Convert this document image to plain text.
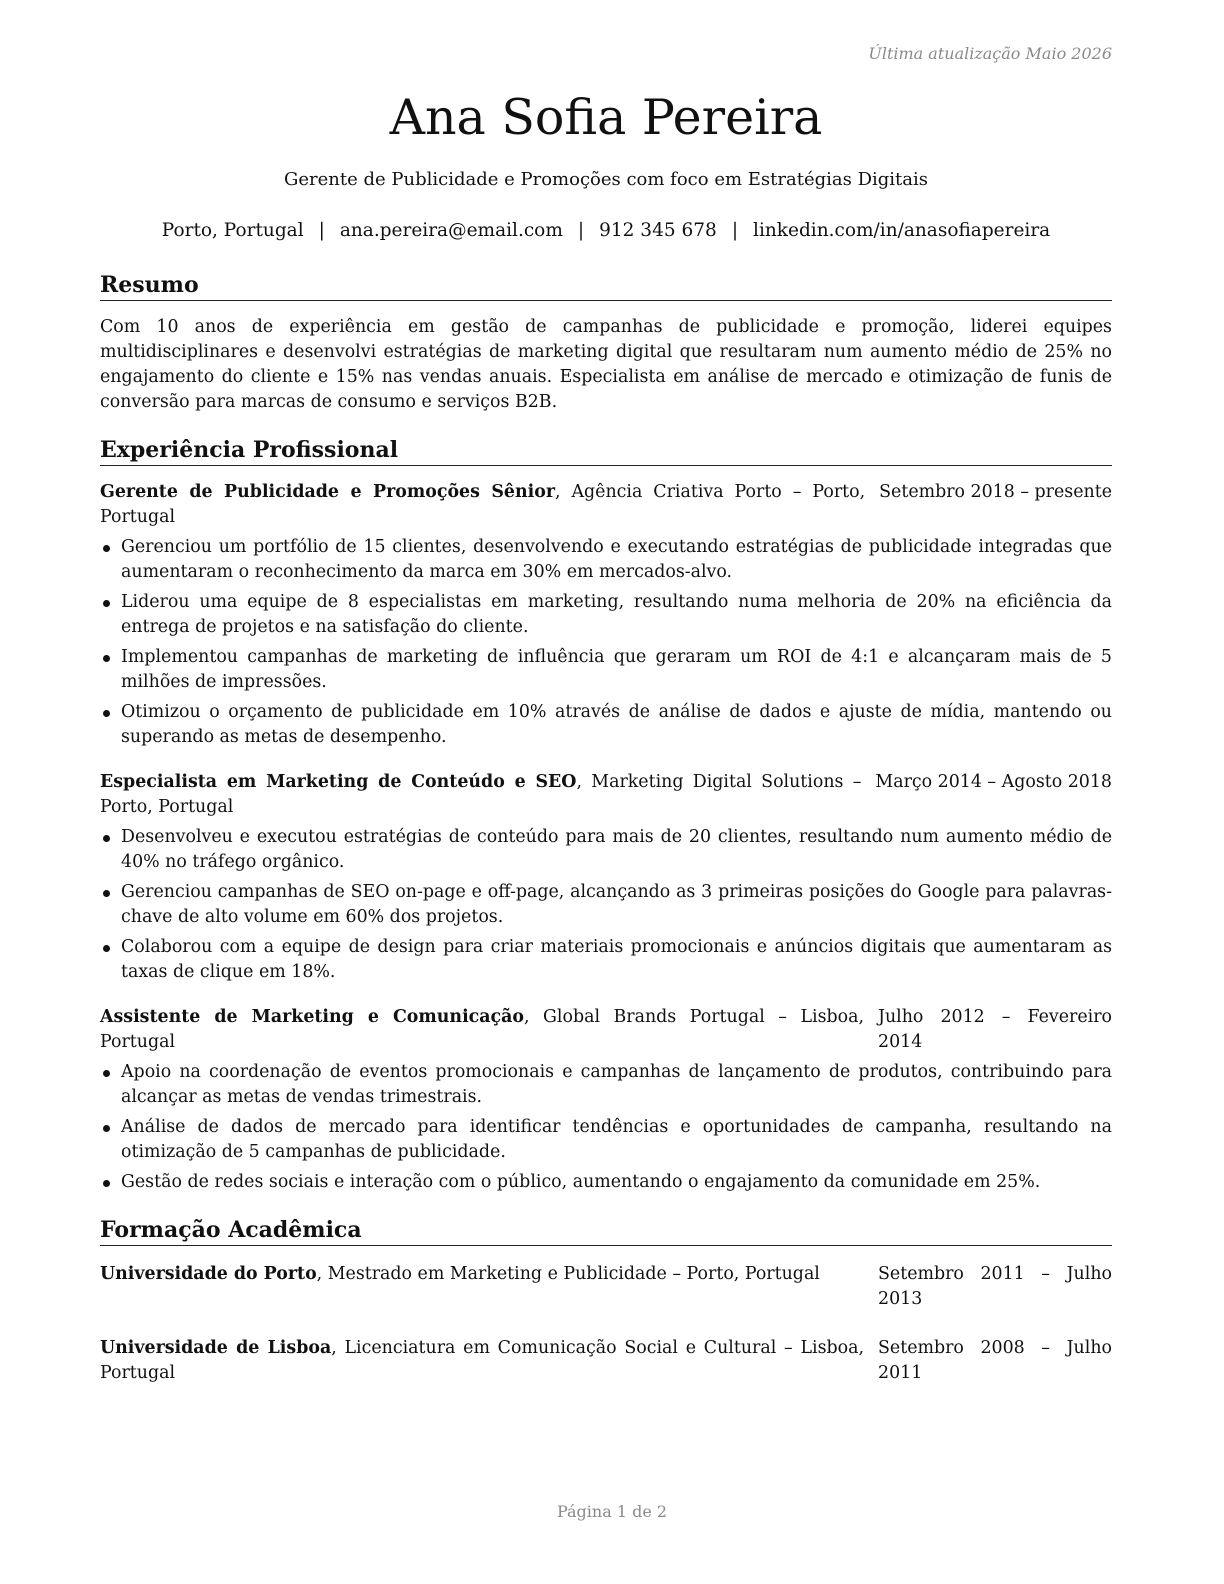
Última atualização Maio 2026
Ana Sofia Pereira
Gerente de Publicidade e Promoções com foco em Estratégias Digitais
Porto, Portugal | ana.pereira@email.com | 912 345 678 | linkedin.com/in/anasofiapereira
Resumo

Com 10 anos de experiência em gestão de campanhas de publicidade e promoção, liderei equipes multidisciplinares e desenvolvi estratégias de marketing digital que resultaram num aumento médio de 25% no engajamento do cliente e 15% nas vendas anuais. Especialista em análise de mercado e otimização de funis de conversão para marcas de consumo e serviços B2B.

Experiência Profissional
Gerente de Publicidade e Promoções Sênior, Agência Criativa Porto – Porto, Portugal
Setembro 2018 – presente
Gerenciou um portfólio de 15 clientes, desenvolvendo e executando estratégias de publicidade integradas que aumentaram o reconhecimento da marca em 30% em mercados-alvo.
Liderou uma equipe de 8 especialistas em marketing, resultando numa melhoria de 20% na eficiência da entrega de projetos e na satisfação do cliente.
Implementou campanhas de marketing de influência que geraram um ROI de 4:1 e alcançaram mais de 5 milhões de impressões.
Otimizou o orçamento de publicidade em 10% através de análise de dados e ajuste de mídia, mantendo ou superando as metas de desempenho.
Especialista em Marketing de Conteúdo e SEO, Marketing Digital Solutions – Porto, Portugal
Março 2014 – Agosto 2018
Desenvolveu e executou estratégias de conteúdo para mais de 20 clientes, resultando num aumento médio de 40% no tráfego orgânico.
Gerenciou campanhas de SEO on-page e off-page, alcançando as 3 primeiras posições do Google para palavras-chave de alto volume em 60% dos projetos.
Colaborou com a equipe de design para criar materiais promocionais e anúncios digitais que aumentaram as taxas de clique em 18%.
Assistente de Marketing e Comunicação, Global Brands Portugal – Lisboa, Portugal
Julho 2012 – Fevereiro 2014
Apoio na coordenação de eventos promocionais e campanhas de lançamento de produtos, contribuindo para alcançar as metas de vendas trimestrais.
Análise de dados de mercado para identificar tendências e oportunidades de campanha, resultando na otimização de 5 campanhas de publicidade.
Gestão de redes sociais e interação com o público, aumentando o engajamento da comunidade em 25%.
Formação Acadêmica
Universidade do Porto, Mestrado em Marketing e Publicidade – Porto, Portugal	Setembro 2011 – Julho 2013
Universidade de Lisboa, Licenciatura em Comunicação Social e Cultural – Lisboa, Portugal
Setembro 2008 – Julho 2011
Página 1 de 2
